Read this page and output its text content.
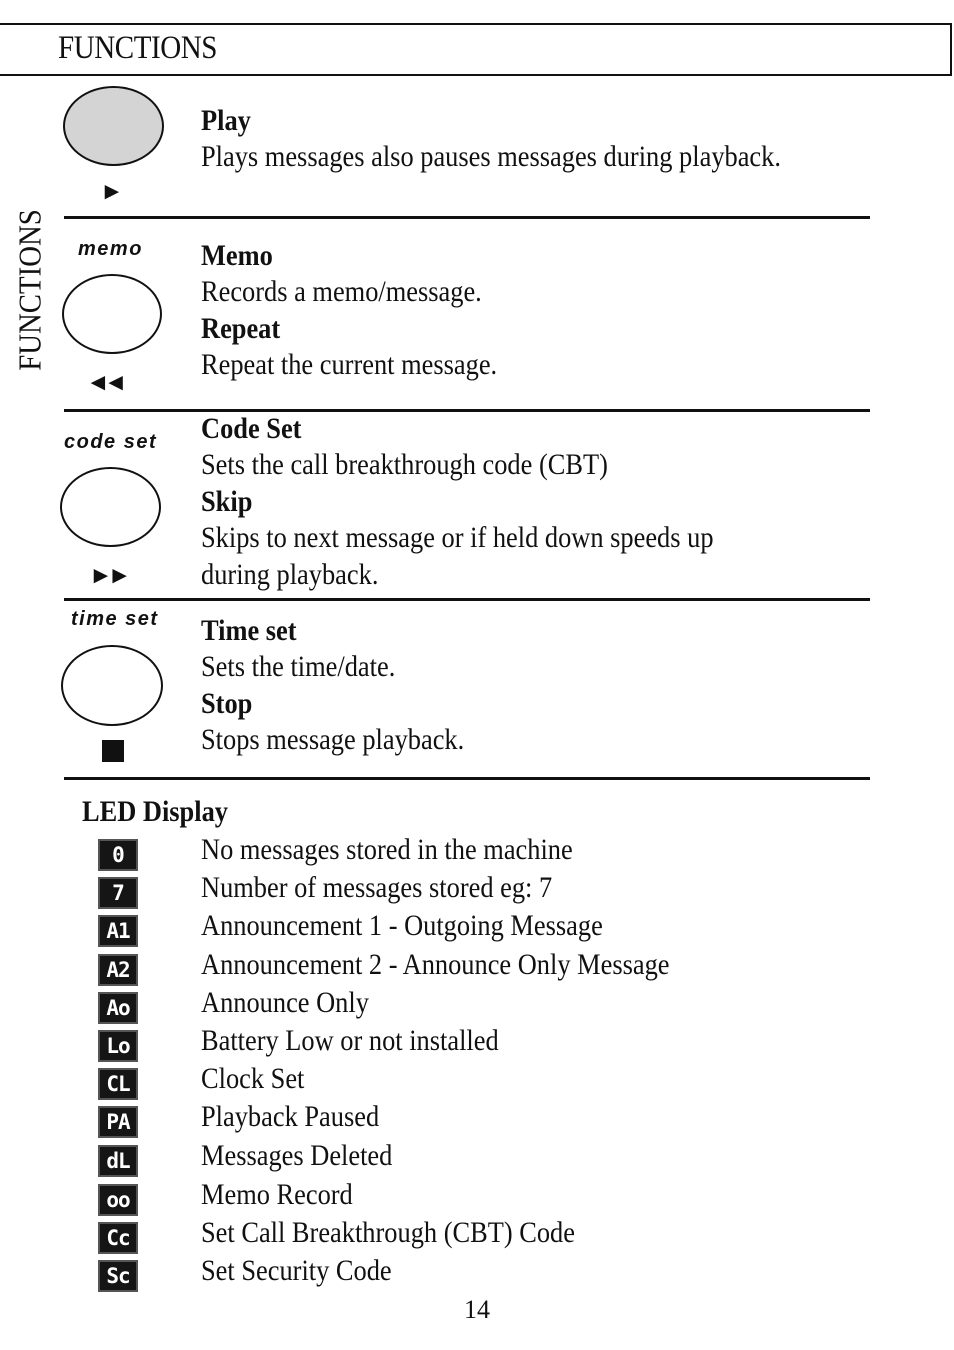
FUNCTIONS
FUNCTIONS
►
Play
Plays messages also pauses messages during playback.
memo
◄◄
Memo
Records a memo/message.
Repeat
Repeat the current message.
code set
►►
Code Set
Sets the call breakthrough code (CBT)
Skip
Skips to next message or if held down speeds up
during playback.
time set Time set
Sets the time/date.
Stop
Stops message playback.
LED Display
0	No messages stored in the machine
7	Number of messages stored eg: 7
A1 Announcement 1 - Outgoing Message
A2 Announcement 2 - Announce Only Message
Ao Announce Only
Lo Battery Low or not installed
CL Clock Set
PA Playback Paused
dL Messages Deleted
oo Memo Record
Cc Set Call Breakthrough (CBT) Code
Sc Set Security Code
14
